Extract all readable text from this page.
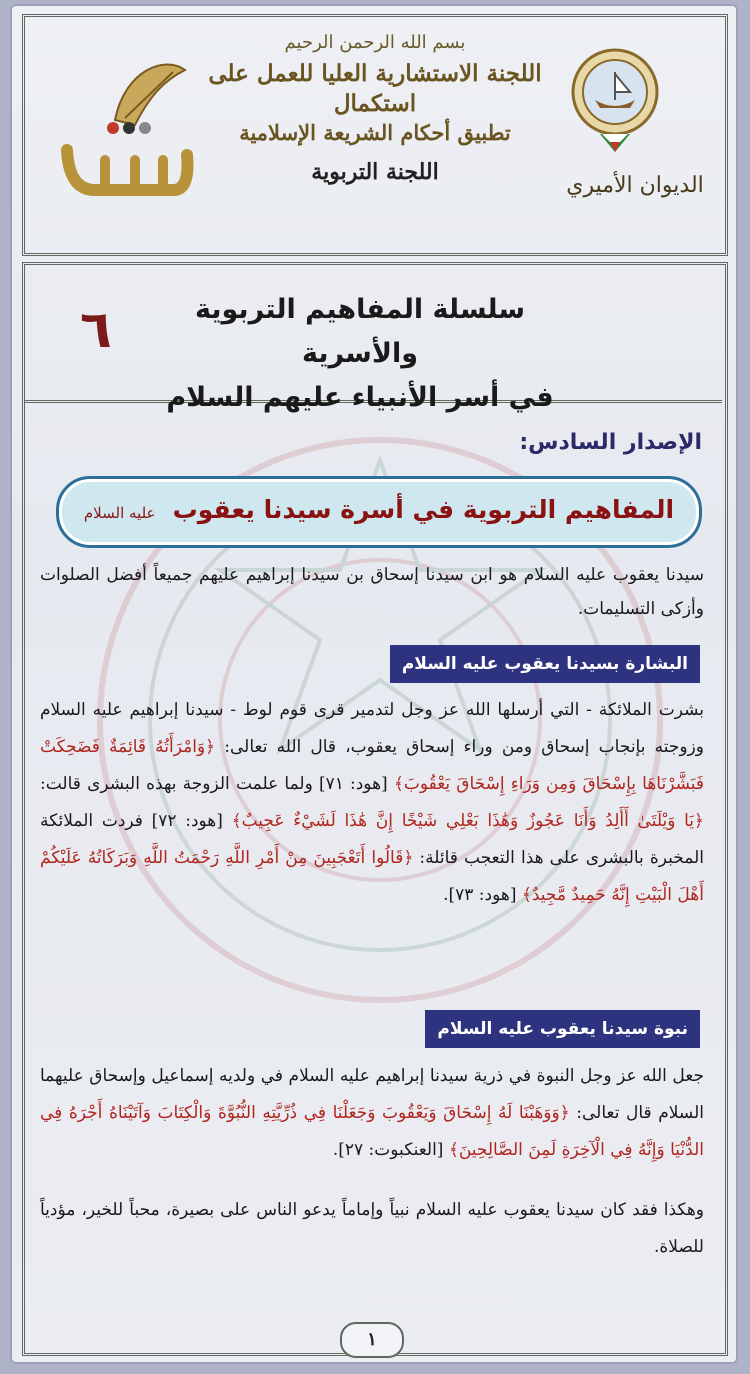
الديوان الأميري
بسم الله الرحمن الرحيم
اللجنة الاستشارية العليا للعمل على استكمال
تطبيق أحكام الشريعة الإسلامية
اللجنة التربوية
سلسلة المفاهيم التربوية والأسرية
في أسر الأنبياء عليهم السلام
٦
الإصدار السادس:
المفاهيم التربوية في أسرة سيدنا يعقوب عليه السلام
سيدنا يعقوب عليه السلام هو ابن سيدنا إسحاق بن سيدنا إبراهيم عليهم جميعاً أفضل الصلوات وأزكى التسليمات.
البشارة بسيدنا يعقوب عليه السلام
بشرت الملائكة - التي أرسلها الله عز وجل لتدمير قرى قوم لوط - سيدنا إبراهيم عليه السلام وزوجته بإنجاب إسحاق ومن وراء إسحاق يعقوب، قال الله تعالى: ﴿وَامْرَأَتُهُ قَائِمَةٌ فَضَحِكَتْ فَبَشَّرْنَاهَا بِإِسْحَاقَ وَمِن وَرَاءِ إِسْحَاقَ يَعْقُوبَ﴾ [هود: ٧١] ولما علمت الزوجة بهذه البشرى قالت: ﴿يَا وَيْلَتَىٰ أَأَلِدُ وَأَنَا عَجُوزٌ وَهَٰذَا بَعْلِي شَيْخًا إِنَّ هَٰذَا لَشَيْءٌ عَجِيبٌ﴾ [هود: ٧٢] فردت الملائكة المخبرة بالبشرى على هذا التعجب قائلة: ﴿قَالُوا أَتَعْجَبِينَ مِنْ أَمْرِ اللَّهِ رَحْمَتُ اللَّهِ وَبَرَكَاتُهُ عَلَيْكُمْ أَهْلَ الْبَيْتِ إِنَّهُ حَمِيدٌ مَّجِيدٌ﴾ [هود: ٧٣].
نبوة سيدنا يعقوب عليه السلام
جعل الله عز وجل النبوة في ذرية سيدنا إبراهيم عليه السلام في ولديه إسماعيل وإسحاق عليهما السلام قال تعالى: ﴿وَوَهَبْنَا لَهُ إِسْحَاقَ وَيَعْقُوبَ وَجَعَلْنَا فِي ذُرِّيَّتِهِ النُّبُوَّةَ وَالْكِتَابَ وَآتَيْنَاهُ أَجْرَهُ فِي الدُّنْيَا وَإِنَّهُ فِي الْآخِرَةِ لَمِنَ الصَّالِحِينَ﴾ [العنكبوت: ٢٧].
وهكذا فقد كان سيدنا يعقوب عليه السلام نبياً وإماماً يدعو الناس على بصيرة، محباً للخير، مؤدياً للصلاة.
١
